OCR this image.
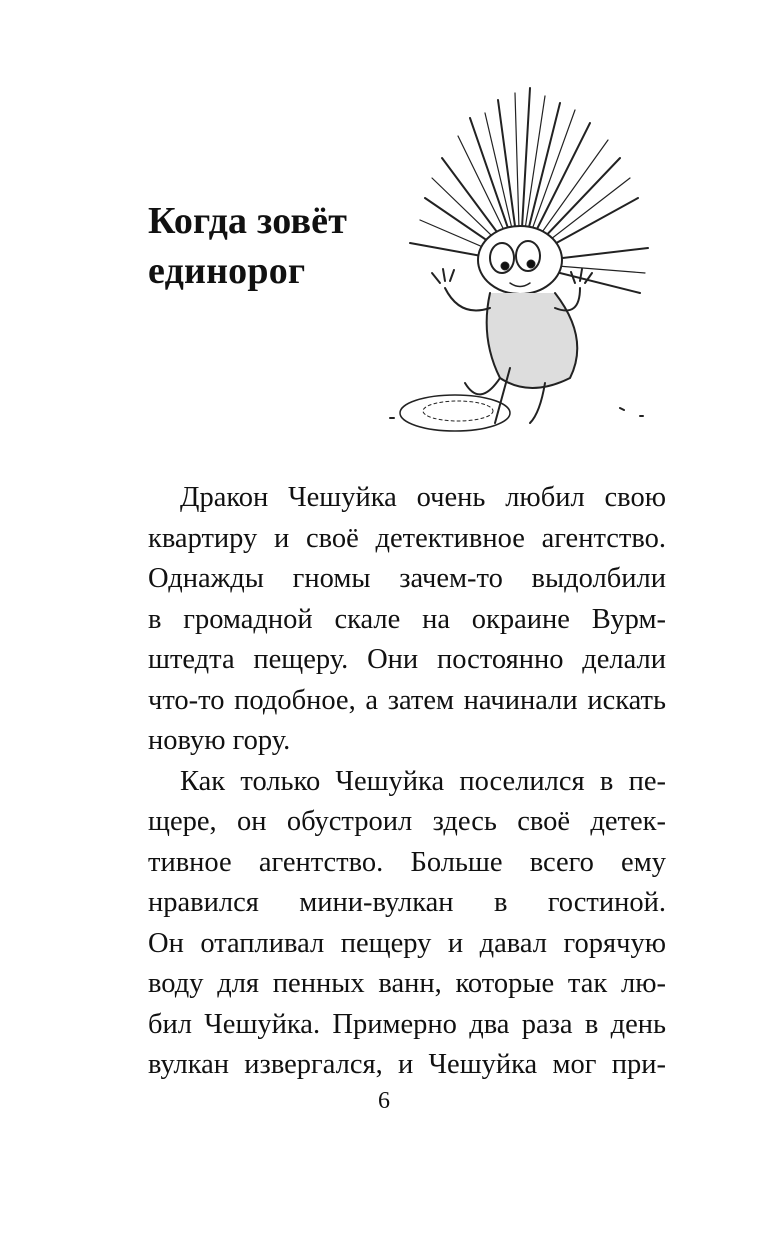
Когда зовёт
единорог
Дракон Чешуйка очень любил свою
квартиру и своё детективное агентство.
Однажды гномы зачем-то выдолбили
в громадной скале на окраине Вурм-
штедта пещеру. Они постоянно делали
что-то подобное, а затем начинали искать
новую гору.
Как только Чешуйка поселился в пе-
щере, он обустроил здесь своё детек-
тивное агентство. Больше всего ему
нравился мини-вулкан в гостиной.
Он отапливал пещеру и давал горячую
воду для пенных ванн, которые так лю-
бил Чешуйка. Примерно два раза в день
вулкан извергался, и Чешуйка мог при-

6
